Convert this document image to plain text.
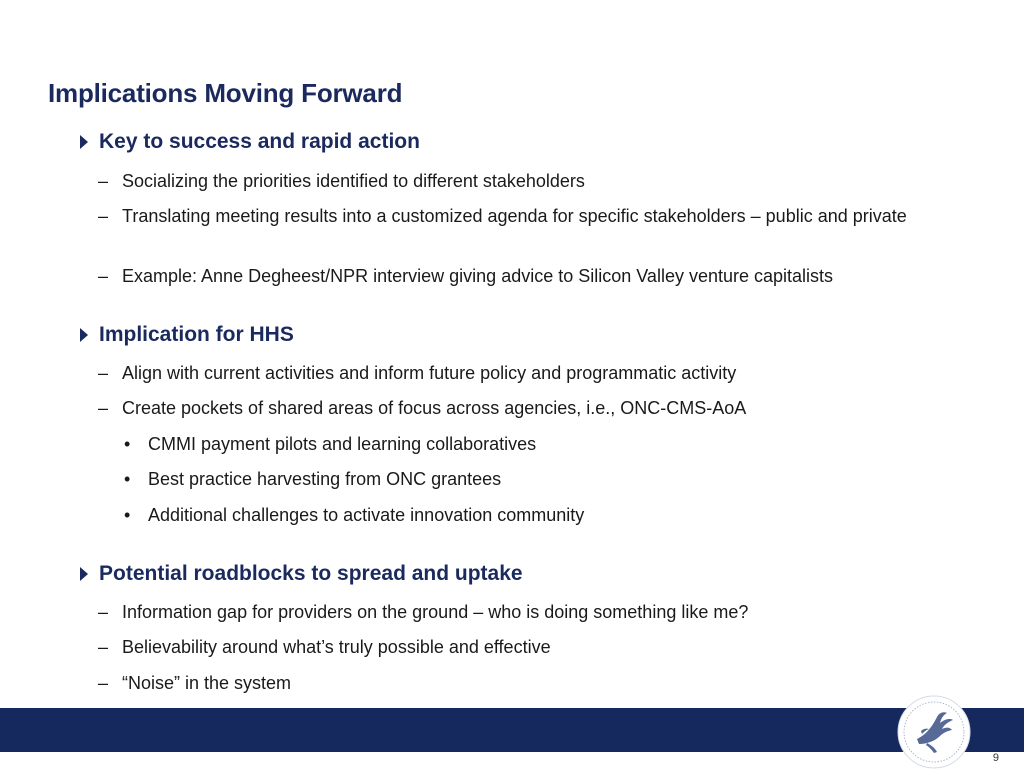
Implications Moving Forward
Key to success and rapid action
– Socializing the priorities identified to different stakeholders
– Translating meeting results into a customized agenda for specific stakeholders – public and private
– Example: Anne Degheest/NPR interview giving advice to Silicon Valley venture capitalists
Implication for HHS
– Align with current activities and inform future policy and programmatic activity
– Create pockets of shared areas of focus across agencies, i.e., ONC-CMS-AoA
• CMMI payment pilots and learning collaboratives
• Best practice harvesting from ONC grantees
• Additional challenges to activate innovation community
Potential roadblocks to spread and uptake
– Information gap for providers on the ground – who is doing something like me?
– Believability around what’s truly possible and effective
– “Noise” in the system
9
